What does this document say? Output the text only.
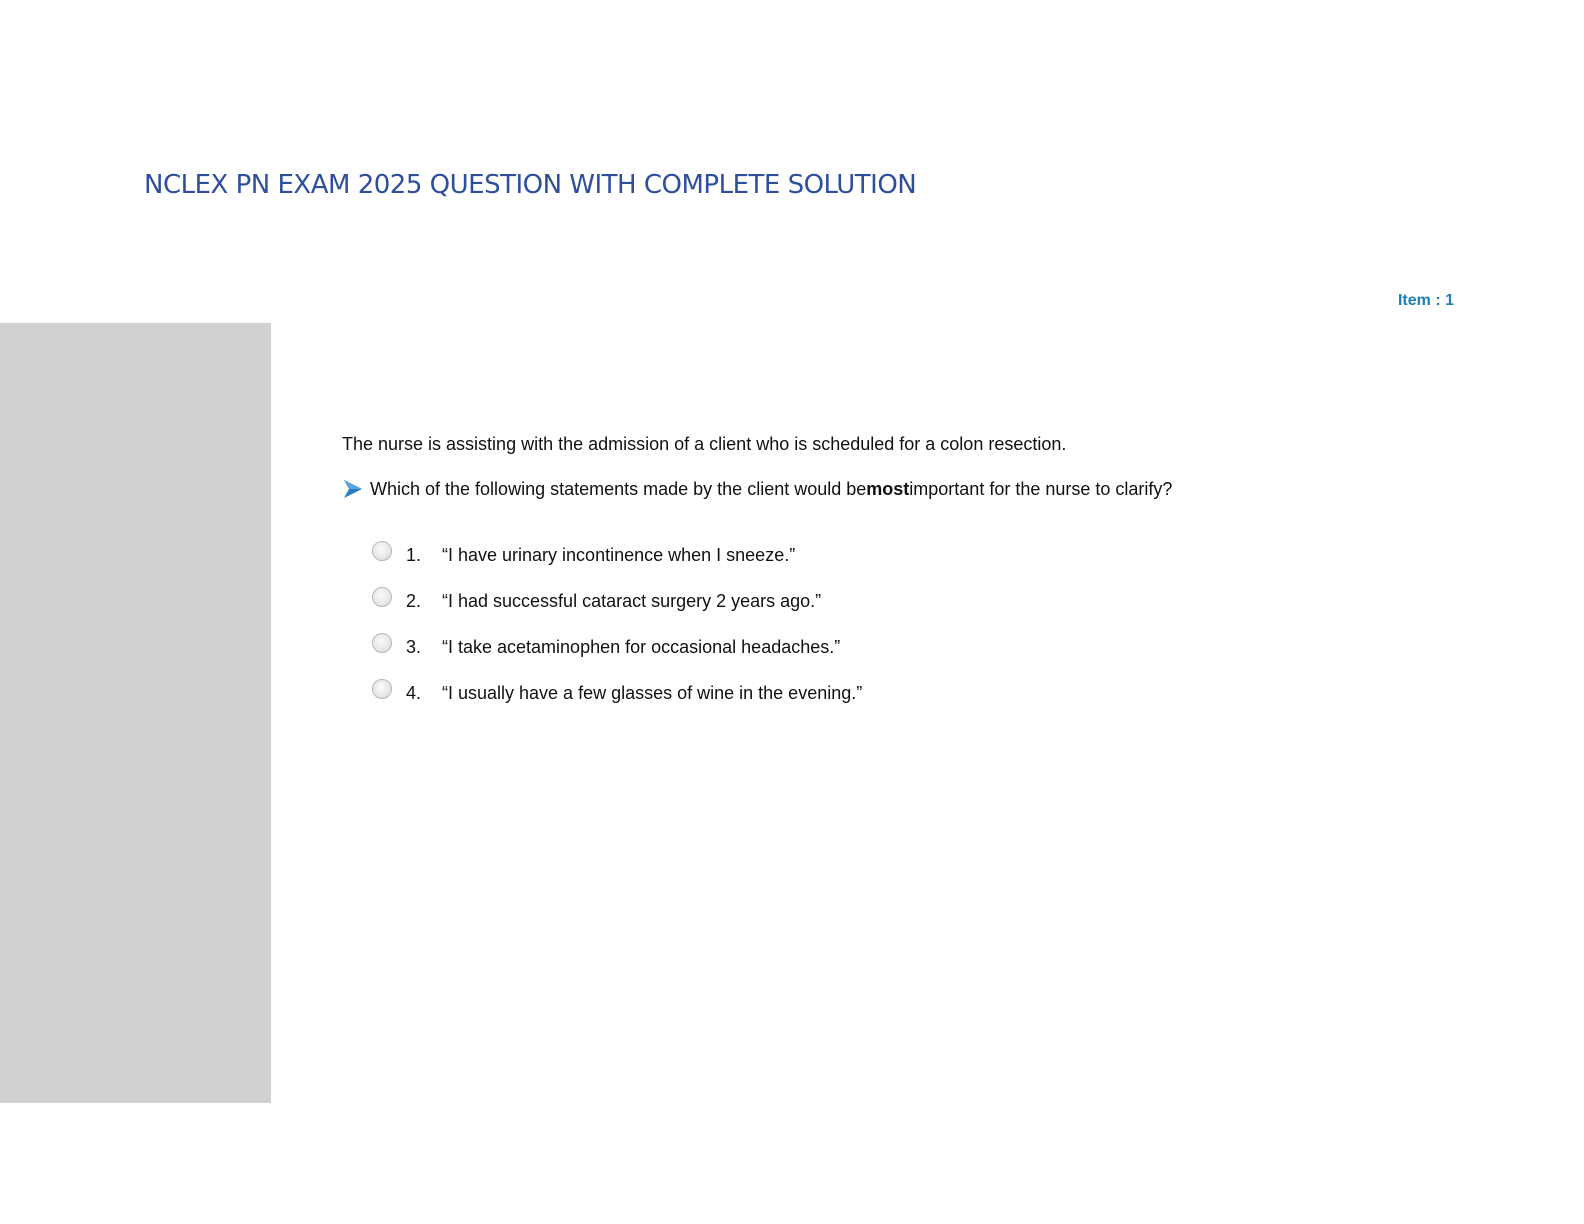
NCLEX PN EXAM 2025 QUESTION WITH COMPLETE SOLUTION
Item : 1
The nurse is assisting with the admission of a client who is scheduled for a colon resection.
Which of the following statements made by the client would be most important for the nurse to clarify?
1.	“I have urinary incontinence when I sneeze.”
2.	“I had successful cataract surgery 2 years ago.”
3.	“I take acetaminophen for occasional headaches.”
4.	“I usually have a few glasses of wine in the evening.”
